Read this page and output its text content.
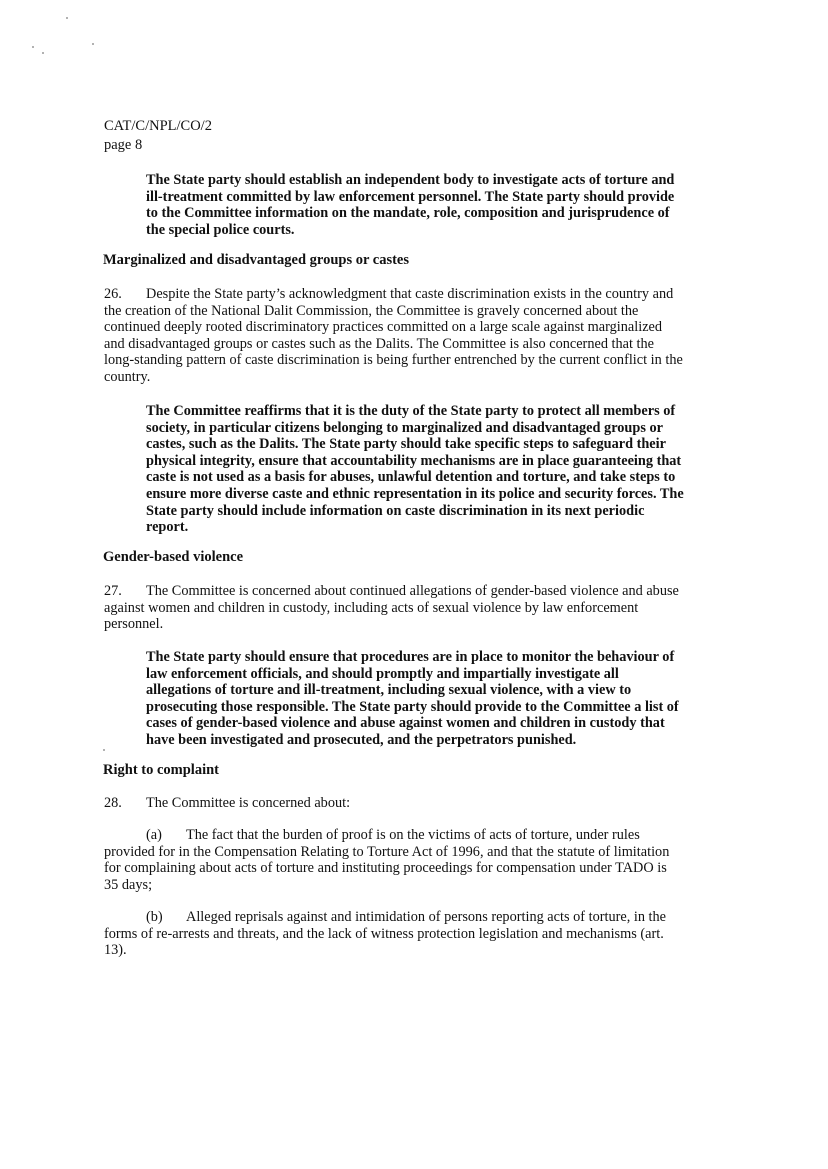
CAT/C/NPL/CO/2
page 8

The State party should establish an independent body to investigate acts of torture and ill-treatment committed by law enforcement personnel. The State party should provide to the Committee information on the mandate, role, composition and jurisprudence of the special police courts.

Marginalized and disadvantaged groups or castes

26. Despite the State party’s acknowledgment that caste discrimination exists in the country and the creation of the National Dalit Commission, the Committee is gravely concerned about the continued deeply rooted discriminatory practices committed on a large scale against marginalized and disadvantaged groups or castes such as the Dalits. The Committee is also concerned that the long-standing pattern of caste discrimination is being further entrenched by the current conflict in the country.

The Committee reaffirms that it is the duty of the State party to protect all members of society, in particular citizens belonging to marginalized and disadvantaged groups or castes, such as the Dalits. The State party should take specific steps to safeguard their physical integrity, ensure that accountability mechanisms are in place guaranteeing that caste is not used as a basis for abuses, unlawful detention and torture, and take steps to ensure more diverse caste and ethnic representation in its police and security forces. The State party should include information on caste discrimination in its next periodic report.

Gender-based violence

27. The Committee is concerned about continued allegations of gender-based violence and abuse against women and children in custody, including acts of sexual violence by law enforcement personnel.

The State party should ensure that procedures are in place to monitor the behaviour of law enforcement officials, and should promptly and impartially investigate all allegations of torture and ill-treatment, including sexual violence, with a view to prosecuting those responsible. The State party should provide to the Committee a list of cases of gender-based violence and abuse against women and children in custody that have been investigated and prosecuted, and the perpetrators punished.

Right to complaint

28. The Committee is concerned about:

(a) The fact that the burden of proof is on the victims of acts of torture, under rules provided for in the Compensation Relating to Torture Act of 1996, and that the statute of limitation for complaining about acts of torture and instituting proceedings for compensation under TADO is 35 days;

(b) Alleged reprisals against and intimidation of persons reporting acts of torture, in the forms of re-arrests and threats, and the lack of witness protection legislation and mechanisms (art. 13).
